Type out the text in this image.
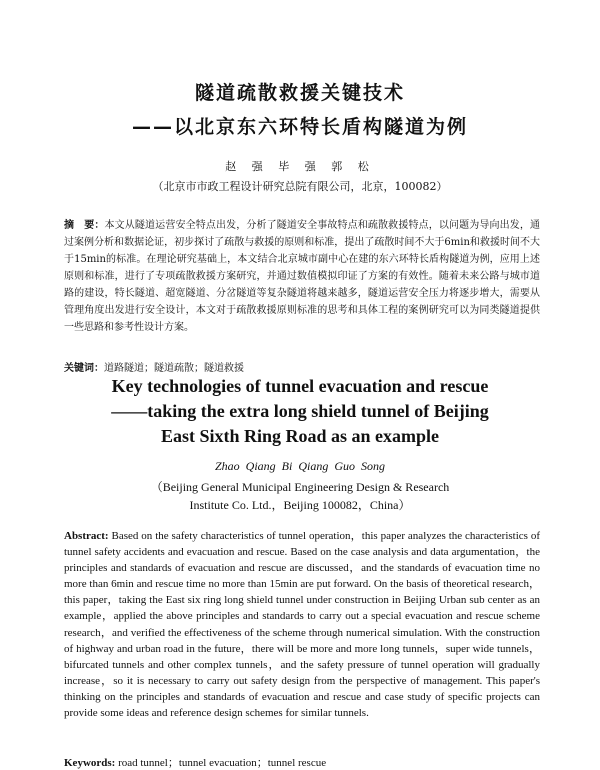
隧道疏散救援关键技术
——以北京东六环特长盾构隧道为例
赵 强 毕 强 郭 松
（北京市市政工程设计研究总院有限公司，北京，100082）

摘　要：本文从隧道运营安全特点出发，分析了隧道安全事故特点和疏散救援特点，以问题为导向出发，通过案例分析和数据论证，初步探讨了疏散与救援的原则和标准，提出了疏散时间不大于6min和救援时间不大于15min的标准。在理论研究基础上，本文结合北京城市副中心在建的东六环特长盾构隧道为例，应用上述原则和标准，进行了专项疏散救援方案研究，并通过数值模拟印证了方案的有效性。随着未来公路与城市道路的建设，特长隧道、超宽隧道、分岔隧道等复杂隧道将越来越多，隧道运营安全压力将逐步增大，需要从管理角度出发进行安全设计，本文对于疏散救援原则标准的思考和具体工程的案例研究可以为同类隧道提供一些思路和参考性设计方案。

关键词：道路隧道；隧道疏散；隧道救援

Key technologies of tunnel evacuation and rescue

——taking the extra long shield tunnel of Beijing

East Sixth Ring Road as an example

Zhao Qiang Bi Qiang Guo Song
（Beijing General Municipal Engineering Design & Research
Institute Co. Ltd.，Beijing 100082，China）

Abstract: Based on the safety characteristics of tunnel operation，this paper analyzes the characteristics of tunnel safety accidents and evacuation and rescue. Based on the case analysis and data argumentation，the principles and standards of evacuation and rescue are discussed，and the standards of evacuation time no more than 6min and rescue time no more than 15min are put forward. On the basis of theoretical research，this paper，taking the East six ring long shield tunnel under construction in Beijing Urban sub center as an example，applied the above principles and standards to carry out a special evacuation and rescue scheme research，and verified the effectiveness of the scheme through numerical simulation. With the construction of highway and urban road in the future，there will be more and more long tunnels，super wide tunnels，bifurcated tunnels and other complex tunnels，and the safety pressure of tunnel operation will gradually increase，so it is necessary to carry out safety design from the perspective of management. This paper's thinking on the principles and standards of evacuation and rescue and case study of specific projects can provide some ideas and reference design schemes for similar tunnels.

Keywords: road tunnel；tunnel evacuation；tunnel rescue
